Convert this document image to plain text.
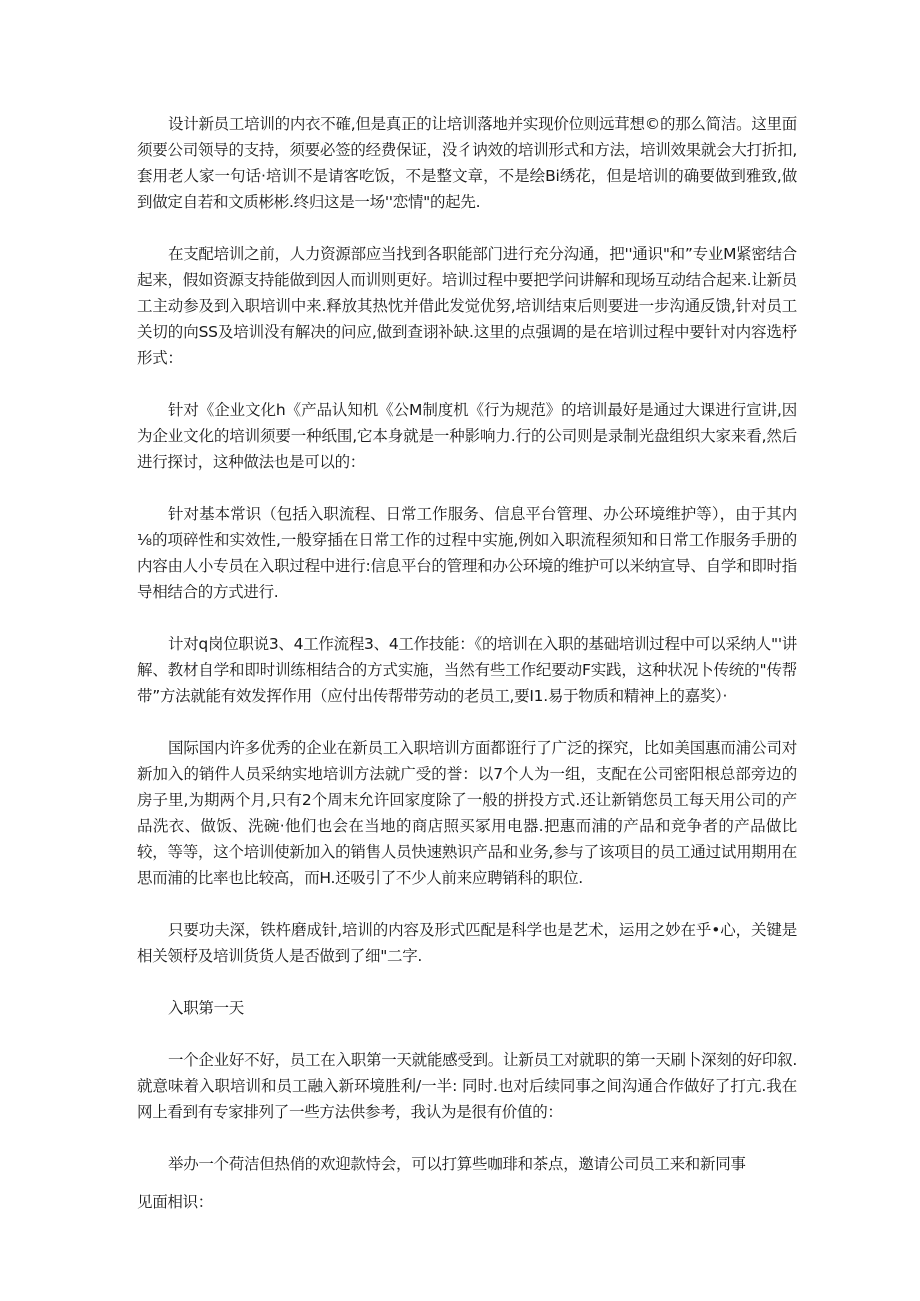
设计新员工培训的内衣不確,但是真正的让培训落地并实现价位则远茸想©的那么简洁。这里面须要公司领导的支持，须要必签的经费保证，没彳讷效的培训形式和方法，培训效果就会大打折扣,套用老人家一句话·培训不是请客吃饭，不是整文章，不是绘Bi绣花，但是培训的确要做到雅致,做到做定自若和文质彬彬.终归这是一场''恋情"的起先.

在支配培训之前，人力资源部应当找到各职能部门进行充分沟通，把''通识"和”专业M紧密结合起来，假如资源支持能做到因人而训则更好。培训过程中要把学问讲解和现场互动结合起来.让新员工主动参及到入职培训中来.释放其热忱并借此发觉优努,培训结束后则要进一步沟通反馈,针对员工关切的向SS及培训没有解决的问应,做到查诩补缺.这里的点强调的是在培训过程中要针对内容选杼形式：

针对《企业文化h《产品认知机《公M制度机《行为规范》的培训最好是通过大课进行宣讲,因为企业文化的培训须要一种纸围,它本身就是一种影响力.行的公司则是录制光盘组织大家来看,然后进行探讨，这种做法也是可以的：

针对基本常识（包括入职流程、日常工作服务、信息平台管理、办公环境维护等），由于其内⅛的项碎性和实效性,一般穿插在日常工作的过程中实施,例如入职流程须知和日常工作服务手册的内容由人小专员在入职过程中进行:信息平台的管理和办公环境的维护可以米纳宣导、自学和即时指导相结合的方式进行.

计对q岗位职说3、4工作流程3、4工作技能：《的培训在入职的基础培训过程中可以采纳人"'讲解、教材自学和即时训练相结合的方式实施，当然有些工作纪要动F实践，这种状况卜传统的"传帮带”方法就能有效发挥作用（应付出传帮带劳动的老员工,要I1.易于物质和精神上的嘉奖）·

国际国内许多优秀的企业在新员工入职培训方面都诳行了广泛的探究，比如美国惠而浦公司对新加入的销件人员采纳实地培训方法就广受的誉：以7个人为一组，支配在公司密阳根总部旁边的房子里,为期两个月,只有2个周末允许回家度除了一般的拼投方式.还让新销您员工每天用公司的产品洗衣、做饭、洗碗·他们也会在当地的商店照买冢用电器.把惠而浦的产品和竞争者的产品做比较，等等，这个培训使新加入的销售人员快速熟识产品和业务,参与了该项目的员工通过试用期用在思而浦的比率也比较高，而H.还吸引了不少人前来应聘销科的职位.

只要功夫深，铁杵磨成针,培训的内容及形式匹配是科学也是艺术，运用之妙在乎•心，关键是相关领杼及培训货货人是否做到了细"二字.

入职第一天

一个企业好不好，员工在入职第一天就能感受到。让新员工对就职的第一天刷卜深刻的好印叙.就意味着入职培训和员工融入新环境胜利/一半: 同时.也对后续同事之间沟通合作做好了打亢.我在网上看到有专家排列了一些方法供参考，我认为是很有价值的：

举办一个荷洁但热俏的欢迎款恃会，可以打算些咖琲和茶点，邀请公司员工来和新同事

见面相识：
